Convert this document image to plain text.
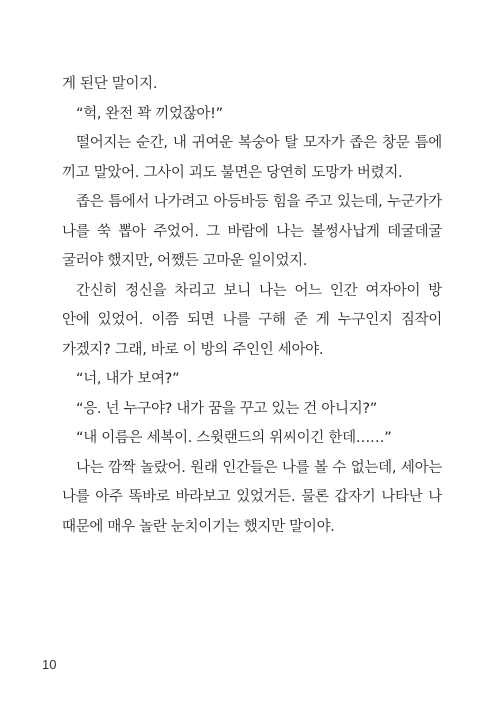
게 된단 말이지.

“헉, 완전 꽉 끼었잖아!”

떨어지는 순간, 내 귀여운 복숭아 탈 모자가 좁은 창문 틈에 끼고 말았어. 그사이 괴도 불면은 당연히 도망가 버렸지.

좁은 틈에서 나가려고 아등바등 힘을 주고 있는데, 누군가가 나를 쑥 뽑아 주었어. 그 바람에 나는 볼썽사납게 데굴데굴 굴러야 했지만, 어쨌든 고마운 일이었지.

간신히 정신을 차리고 보니 나는 어느 인간 여자아이 방 안에 있었어. 이쯤 되면 나를 구해 준 게 누구인지 짐작이 가겠지? 그래, 바로 이 방의 주인인 세아야.

“너, 내가 보여?”

“응. 넌 누구야? 내가 꿈을 꾸고 있는 건 아니지?”

“내 이름은 세복이. 스윗랜드의 위씨이긴 한데……”

나는 깜짝 놀랐어. 원래 인간들은 나를 볼 수 없는데, 세아는 나를 아주 똑바로 바라보고 있었거든. 물론 갑자기 나타난 나 때문에 매우 놀란 눈치이기는 했지만 말이야.

10
